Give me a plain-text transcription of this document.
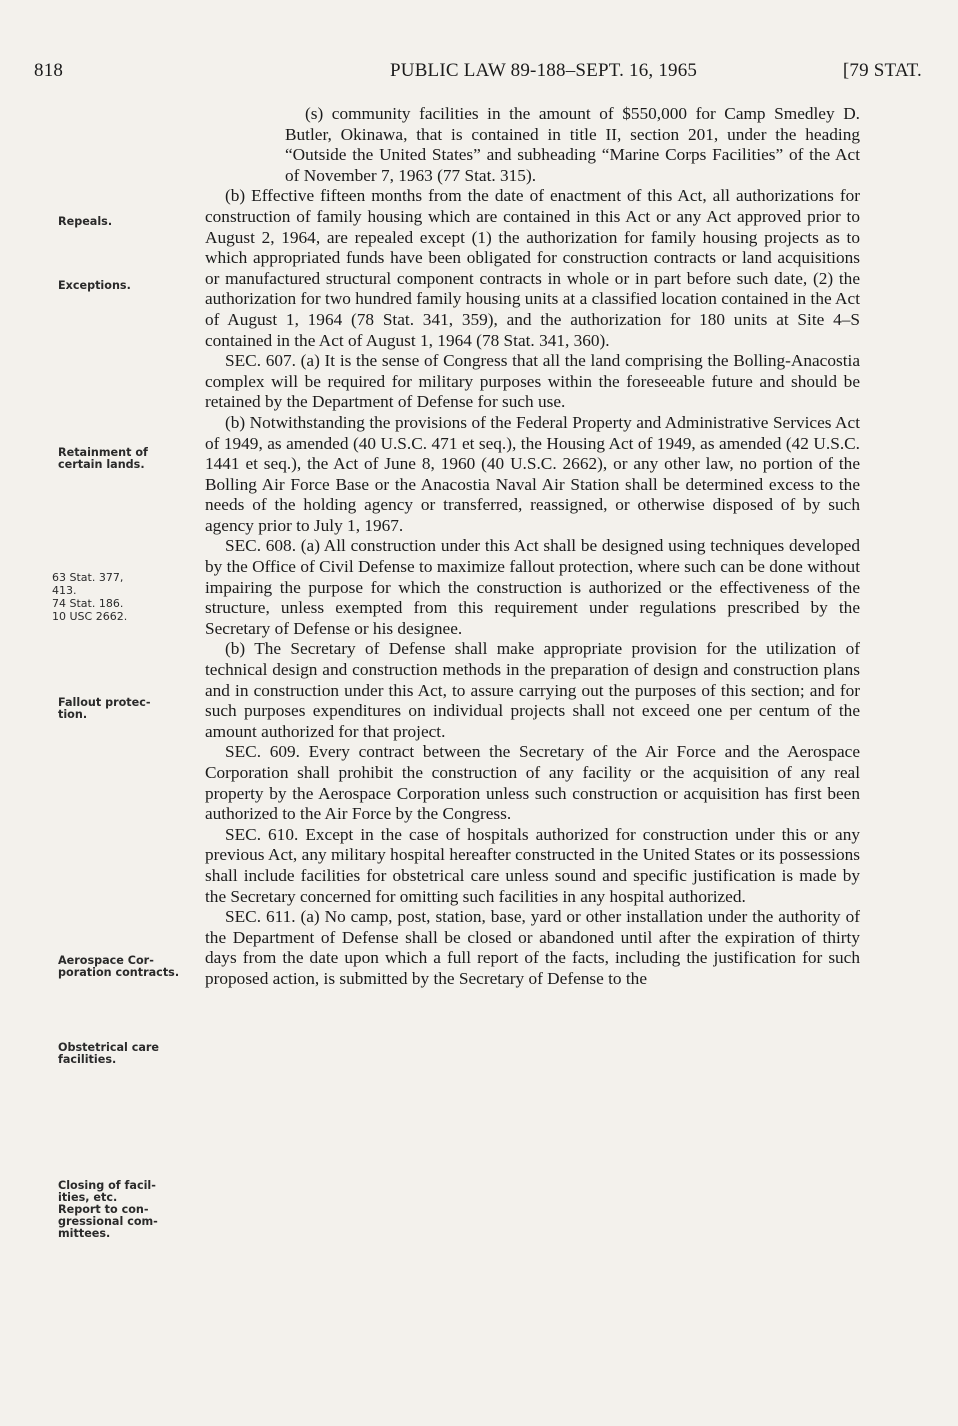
818	PUBLIC LAW 89-188–SEPT. 16, 1965	[79 STAT.
Repeals.
Exceptions.
Retainment of
certain lands.
63 Stat. 377,
413.
74 Stat. 186.
10 USC 2662.
Fallout protec-
tion.
Aerospace Cor-
poration contracts.
Obstetrical care
facilities.
Closing of facil-
ities, etc.
Report to con-
gressional com-
mittees.

(s) community facilities in the amount of $550,000 for Camp Smedley D. Butler, Okinawa, that is contained in title II, section 201, under the heading “Outside the United States” and subheading “Marine Corps Facilities” of the Act of November 7, 1963 (77 Stat. 315).

(b) Effective fifteen months from the date of enactment of this Act, all authorizations for construction of family housing which are contained in this Act or any Act approved prior to August 2, 1964, are repealed except (1) the authorization for family housing projects as to which appropriated funds have been obligated for construction contracts or land acquisitions or manufactured structural component contracts in whole or in part before such date, (2) the authorization for two hundred family housing units at a classified location contained in the Act of August 1, 1964 (78 Stat. 341, 359), and the authorization for 180 units at Site 4–S contained in the Act of August 1, 1964 (78 Stat. 341, 360).

SEC. 607. (a) It is the sense of Congress that all the land comprising the Bolling-Anacostia complex will be required for military purposes within the foreseeable future and should be retained by the Department of Defense for such use.

(b) Notwithstanding the provisions of the Federal Property and Administrative Services Act of 1949, as amended (40 U.S.C. 471 et seq.), the Housing Act of 1949, as amended (42 U.S.C. 1441 et seq.), the Act of June 8, 1960 (40 U.S.C. 2662), or any other law, no portion of the Bolling Air Force Base or the Anacostia Naval Air Station shall be determined excess to the needs of the holding agency or transferred, reassigned, or otherwise disposed of by such agency prior to July 1, 1967.

SEC. 608. (a) All construction under this Act shall be designed using techniques developed by the Office of Civil Defense to maximize fallout protection, where such can be done without impairing the purpose for which the construction is authorized or the effectiveness of the structure, unless exempted from this requirement under regulations prescribed by the Secretary of Defense or his designee.

(b) The Secretary of Defense shall make appropriate provision for the utilization of technical design and construction methods in the preparation of design and construction plans and in construction under this Act, to assure carrying out the purposes of this section; and for such purposes expenditures on individual projects shall not exceed one per centum of the amount authorized for that project.

SEC. 609. Every contract between the Secretary of the Air Force and the Aerospace Corporation shall prohibit the construction of any facility or the acquisition of any real property by the Aerospace Corporation unless such construction or acquisition has first been authorized to the Air Force by the Congress.

SEC. 610. Except in the case of hospitals authorized for construction under this or any previous Act, any military hospital hereafter constructed in the United States or its possessions shall include facilities for obstetrical care unless sound and specific justification is made by the Secretary concerned for omitting such facilities in any hospital authorized.

SEC. 611. (a) No camp, post, station, base, yard or other installation under the authority of the Department of Defense shall be closed or abandoned until after the expiration of thirty days from the date upon which a full report of the facts, including the justification for such proposed action, is submitted by the Secretary of Defense to the
